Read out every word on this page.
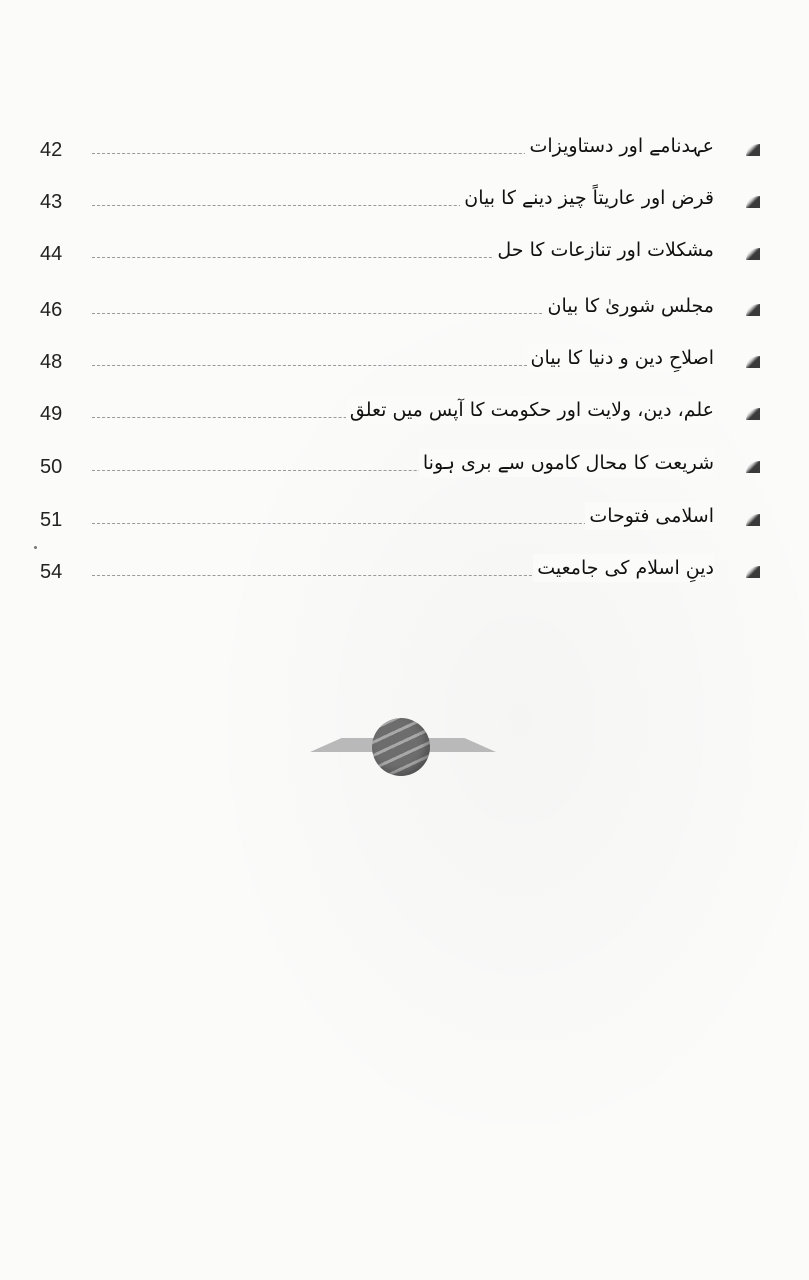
42	عہدنامے اور دستاویزات
43	قرض اور عاریتاً چیز دینے کا بیان
44	مشکلات اور تنازعات کا حل
46	مجلس شوریٰ کا بیان
48	اصلاحِ دین و دنیا کا بیان
49	علم، دین، ولایت اور حکومت کا آپس میں تعلق
50	شریعت کا محال کاموں سے بری ہونا
51	اسلامی فتوحات
54	دینِ اسلام کی جامعیت
